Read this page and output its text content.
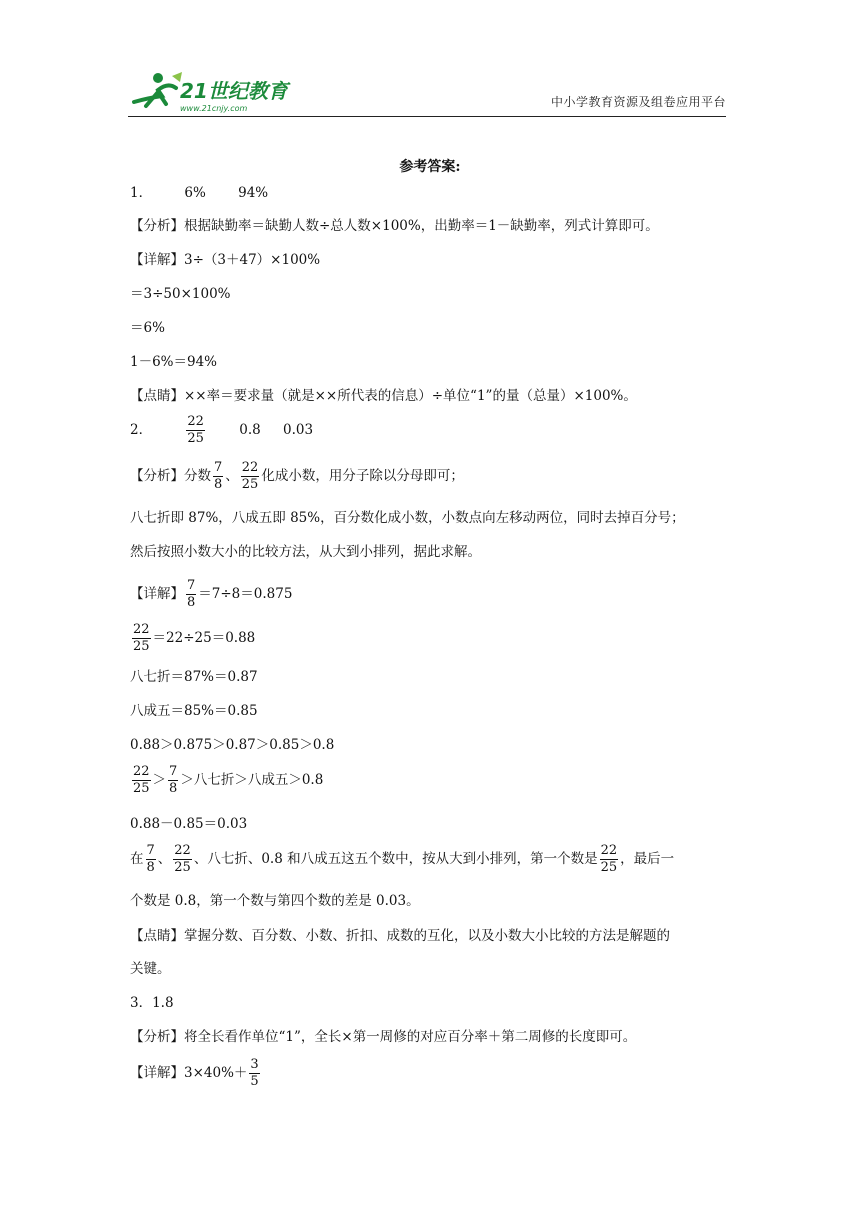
21世纪教育
www.21cnjy.com	中小学教育资源及组卷应用平台
参考答案:
1． 6% 94%
【分析】根据缺勤率＝缺勤人数÷总人数×100%，出勤率＝1－缺勤率，列式计算即可。
【详解】3÷（3＋47）×100%
＝3÷50×100%
＝6%
1－6%＝94%
【点睛】××率＝要求量（就是××所代表的信息）÷单位“1”的量（总量）×100%。
2．	$\frac{22}{25}$	0.8 0.03
【分析】分数 $\frac{7}{8}$ 、 $\frac{22}{25}$ 化成小数，用分子除以分母即可；
八七折即 87%，八成五即 85%，百分数化成小数，小数点向左移动两位，同时去掉百分号；
然后按照小数大小的比较方法，从大到小排列，据此求解。
【详解】 $\frac{7}{8} =7\div 8=0.875$
$\frac{22}{25} =22\div 25=0.88$
八七折＝87%＝0.87
八成五＝85%＝0.85
0.88＞0.875＞0.87＞0.85＞0.8
$\frac{22}{25} > \frac{7}{8}$ ＞八七折＞八成五＞0.8
0.88－0.85＝0.03
在 $\frac{7}{8}$ 、 $\frac{22}{25}$ 、八七折、0.8 和八成五这五个数中，按从大到小排列，第一个数是 $\frac{22}{25}$ ，最后一
个数是 0.8，第一个数与第四个数的差是 0.03。
【点睛】掌握分数、百分数、小数、折扣、成数的互化，以及小数大小比较的方法是解题的
关键。
3．1.8
【分析】将全长看作单位“1”，全长×第一周修的对应百分率＋第二周修的长度即可。
【详解】$3\times 40\%+ \frac{3}{5}$
